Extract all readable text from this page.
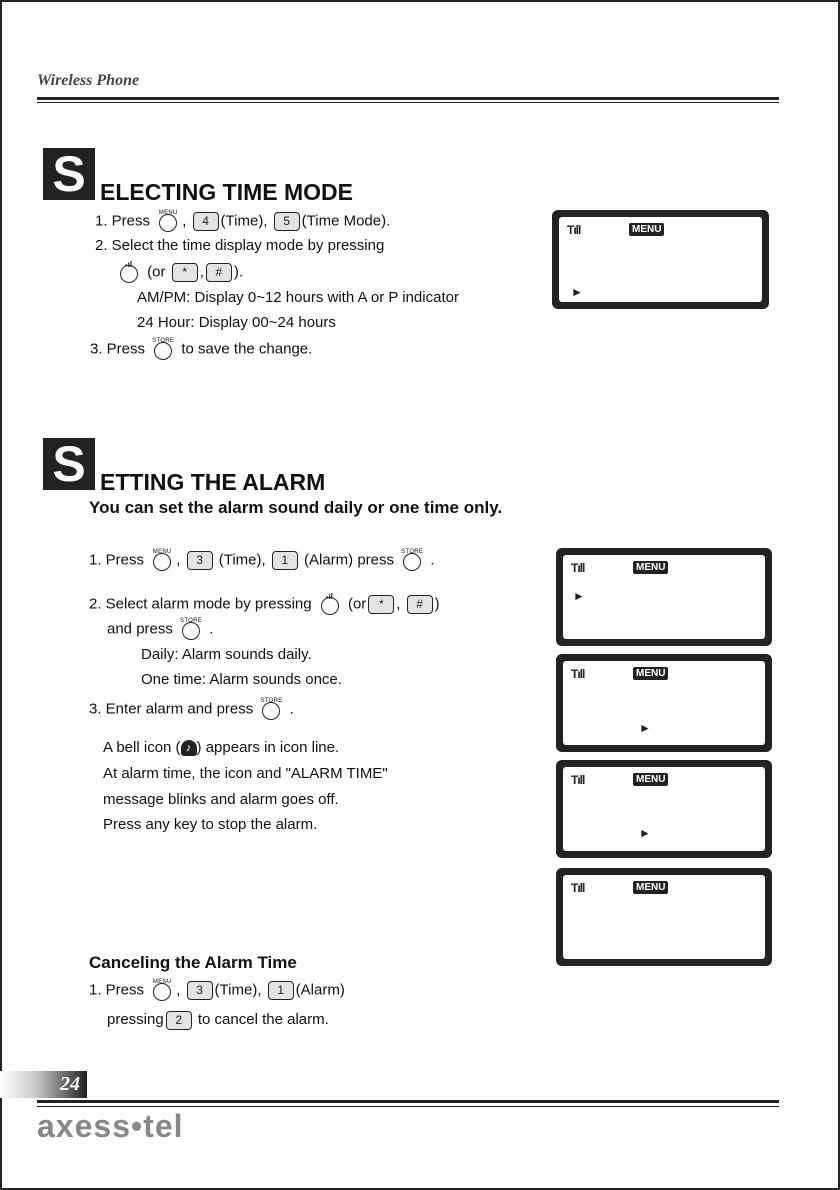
Wireless Phone
S ELECTING TIME MODE
1. Press	MENU , 4 (Time), 5 (Time Mode).
2. Select the time display mode by pressing
-ıl (or * , # ).
AM/PM: Display 0~12 hours with A or P indicator
24 Hour: Display 00~24 hours
3. Press	STORE to save the change.
Tıll	MENU
►
S ETTING THE ALARM
You can set the alarm sound daily or one time only.
1. Press	MENU , 3 (Time), 1 (Alarm) press	STORE .
2. Select alarm mode by pressing -ıl (or * , # )
and press	STORE .
Daily: Alarm sounds daily.
One time: Alarm sounds once.
3. Enter alarm and press	STORE .
A bell icon ( ♪ ) appears in icon line.
At alarm time, the icon and "ALARM TIME"
message blinks and alarm goes off.
Press any key to stop the alarm.
Tıll	MENU
►
Tıll	MENU
►
Tıll	MENU
►
Tıll	MENU
Canceling the Alarm Time
1. Press	MENU , 3 (Time), 1 (Alarm)
pressing 2 to cancel the alarm.
24
axess•tel
